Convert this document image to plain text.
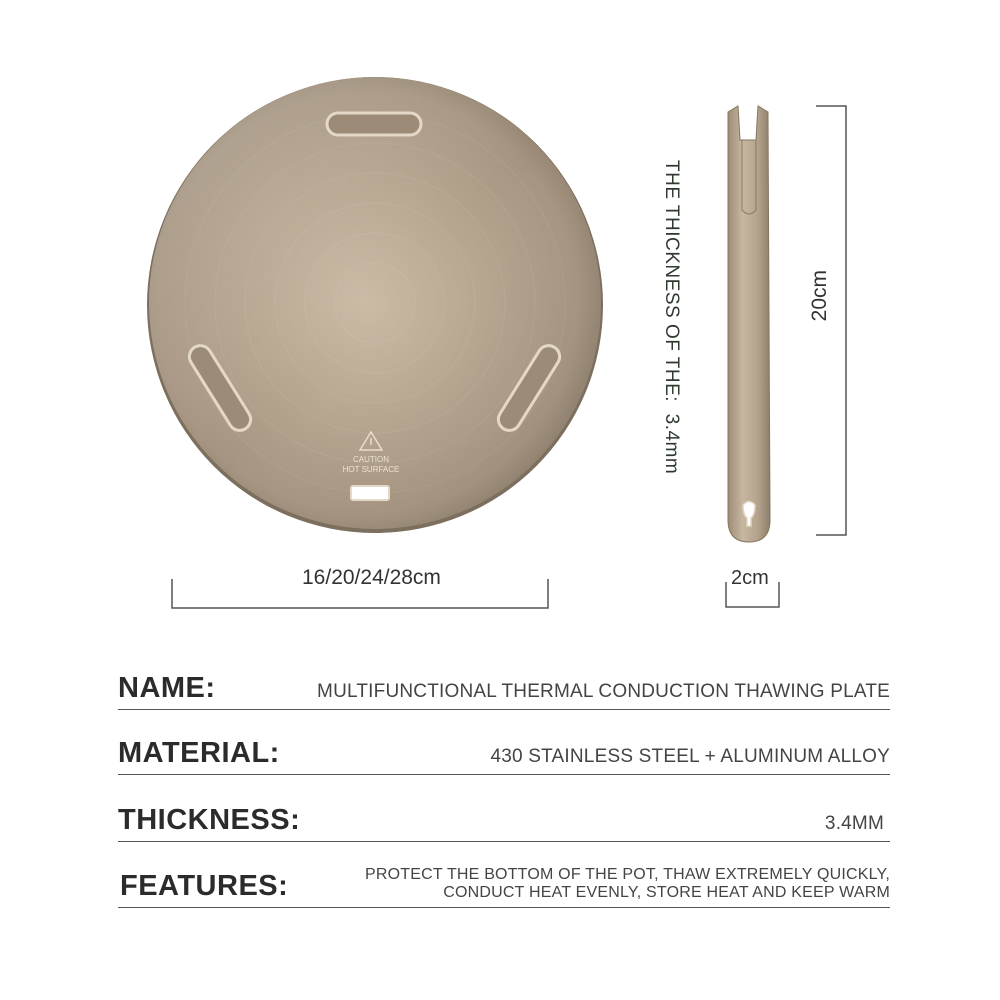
CAUTION
HOT SURFACE
16/20/24/28cm
THE THICKNESS OF THE:  3.4mm
20cm
2cm
NAME:	MULTIFUNCTIONAL THERMAL CONDUCTION THAWING PLATE
MATERIAL:	430 STAINLESS STEEL + ALUMINUM ALLOY
THICKNESS:	3.4MM
FEATURES:	PROTECT THE BOTTOM OF THE POT, THAW EXTREMELY QUICKLY,
CONDUCT HEAT EVENLY, STORE HEAT AND KEEP WARM
